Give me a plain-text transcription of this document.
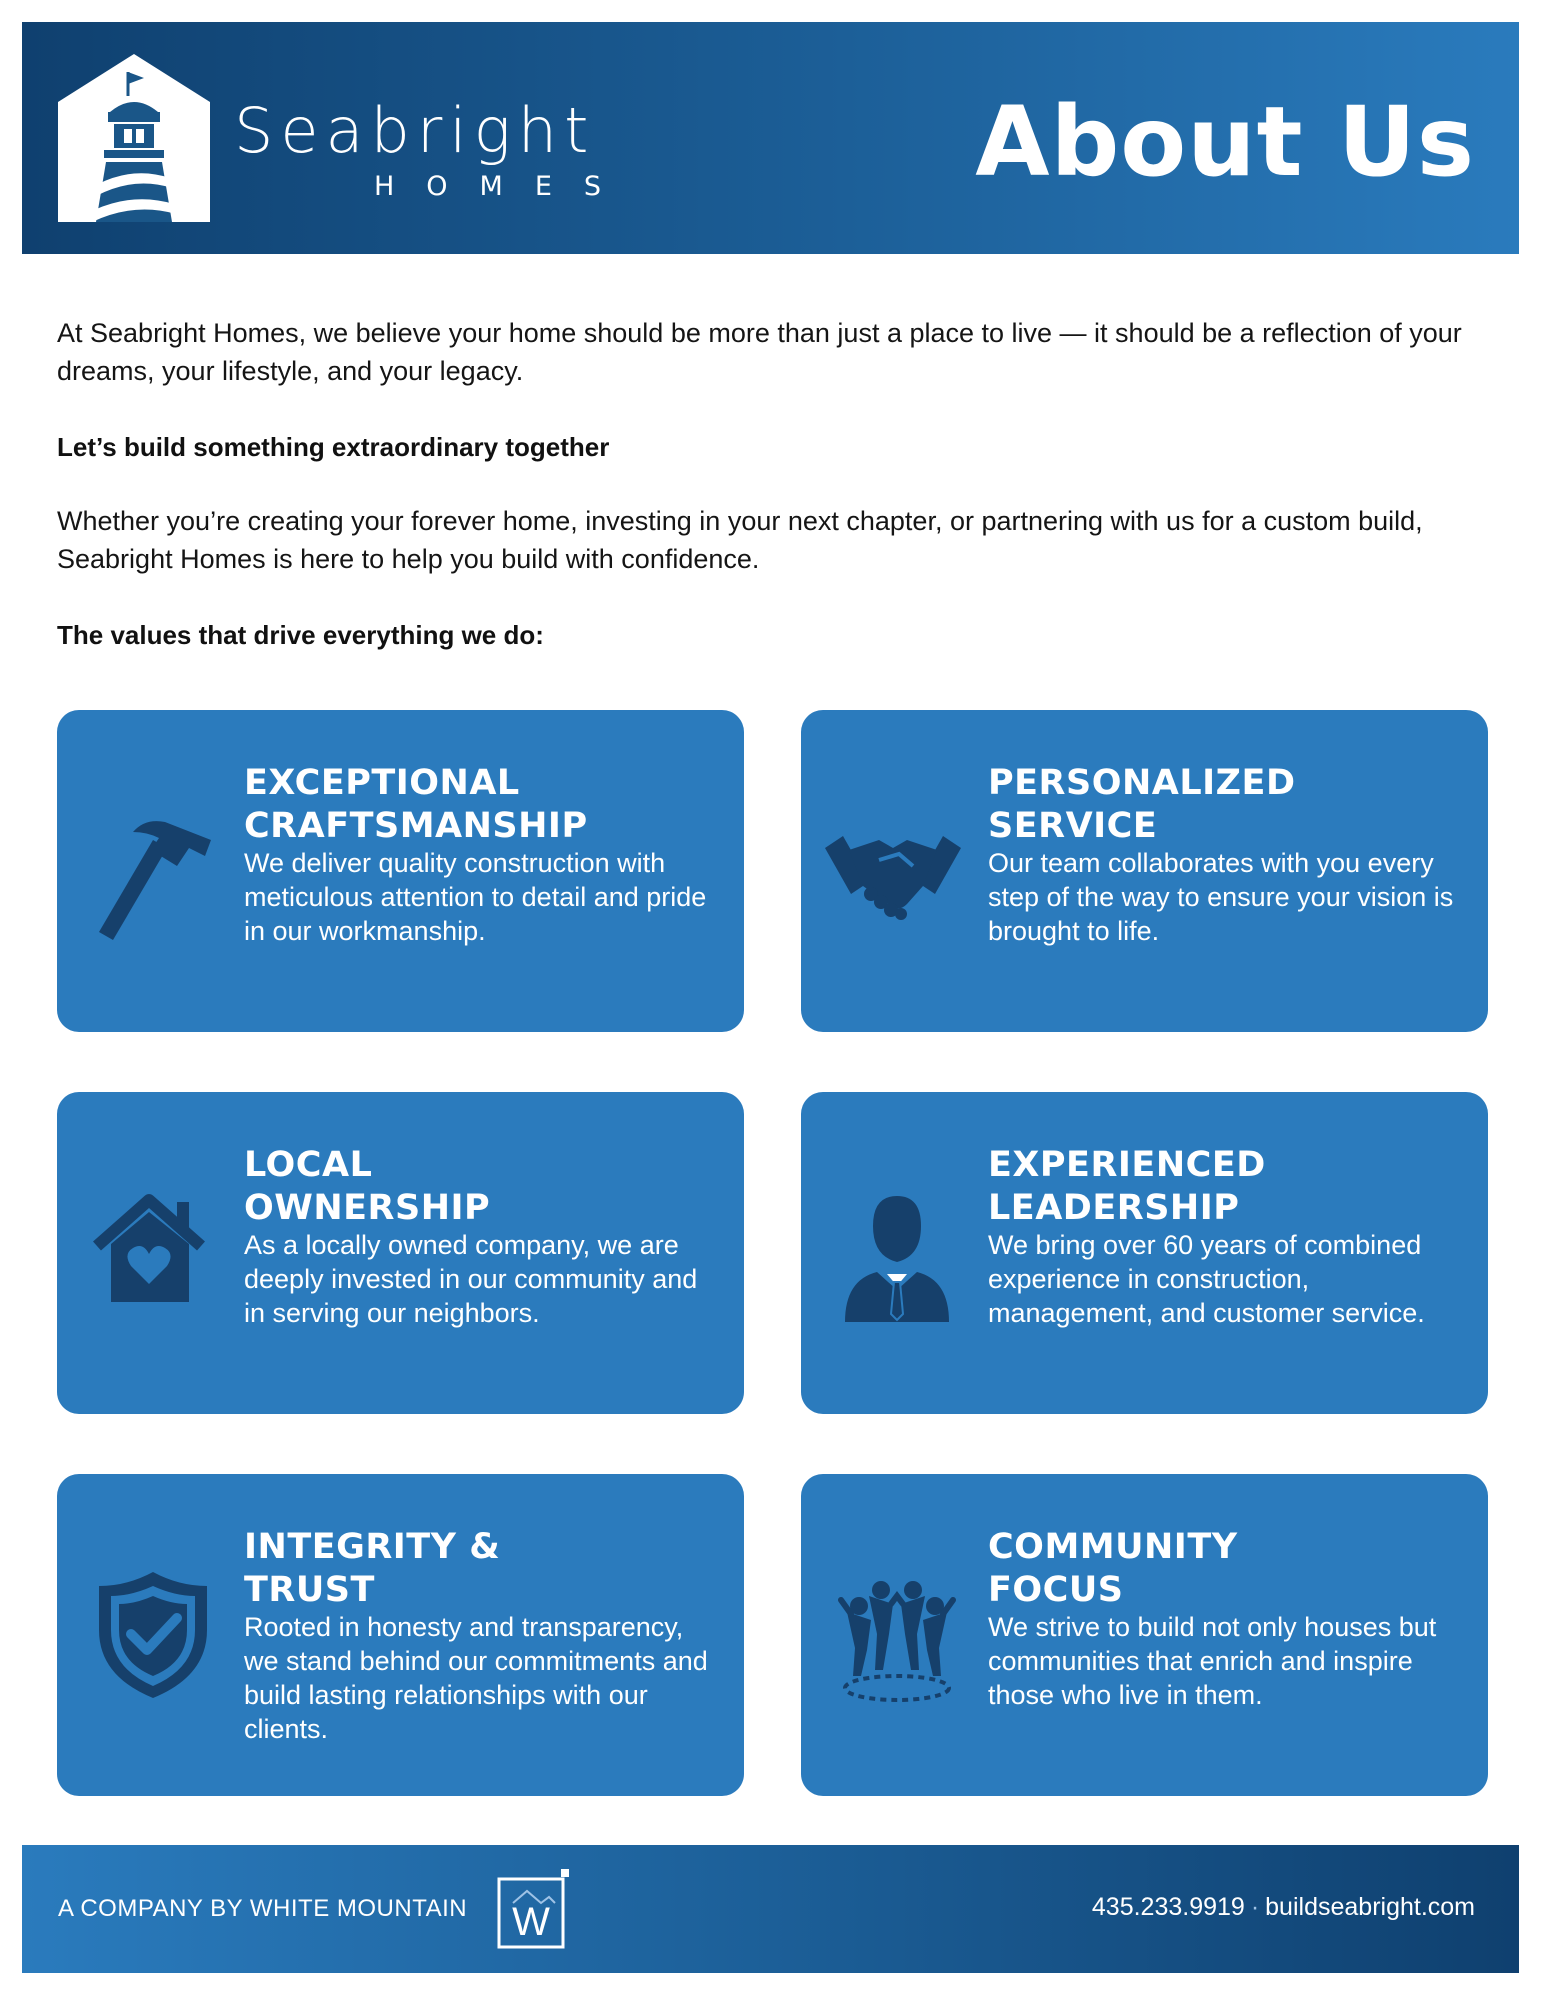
Seabright
HOMES	About Us
At Seabright Homes, we believe your home should be more than just a place to live — it should be a reflection of your dreams, your lifestyle, and your legacy.
Let’s build something extraordinary together
Whether you’re creating your forever home, investing in your next chapter, or partnering with us for a custom build, Seabright Homes is here to help you build with confidence.
The values that drive everything we do:
EXCEPTIONAL
CRAFTSMANSHIP
We deliver quality construction with meticulous attention to detail and pride in our workmanship.
PERSONALIZED
SERVICE
Our team collaborates with you every step of the way to ensure your vision is brought to life.
LOCAL
OWNERSHIP
As a locally owned company, we are deeply invested in our community and in serving our neighbors.
EXPERIENCED
LEADERSHIP
We bring over 60 years of combined experience in construction, management, and customer service.
INTEGRITY &
TRUST
Rooted in honesty and transparency, we stand behind our commitments and build lasting relationships with our clients.
COMMUNITY
FOCUS
We strive to build not only houses but communities that enrich and inspire those who live in them.
A COMPANY BY WHITE MOUNTAIN W	435.233.9919 · buildseabright.com
